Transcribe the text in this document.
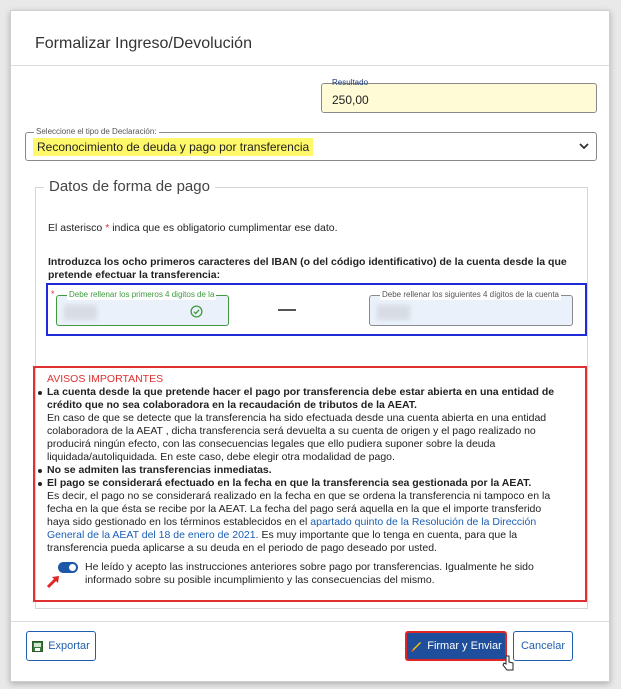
Formalizar Ingreso/Devolución
Resultado
250,00
Seleccione el tipo de Declaración:
Reconocimiento de deuda y pago por transferencia
Datos de forma de pago
El asterisco * indica que es obligatorio cumplimentar ese dato.
Introduzca los ocho primeros caracteres del IBAN (o del código identificativo) de la cuenta desde la que pretende efectuar la transferencia:
* Debe rellenar los primeros 4 digitos de la	Debe rellenar los siguientes 4 dígitos de la cuenta
AVISOS IMPORTANTES
La cuenta desde la que pretende hacer el pago por transferencia debe estar abierta en una entidad de crédito que no sea colaboradora en la recaudación de tributos de la AEAT.
En caso de que se detecte que la transferencia ha sido efectuada desde una cuenta abierta en una entidad colaboradora de la AEAT , dicha transferencia será devuelta a su cuenta de origen y el pago realizado no producirá ningún efecto, con las consecuencias legales que ello pudiera suponer sobre la deuda liquidada/autoliquidada. En este caso, debe elegir otra modalidad de pago.
No se admiten las transferencias inmediatas.
El pago se considerará efectuado en la fecha en que la transferencia sea gestionada por la AEAT.
Es decir, el pago no se considerará realizado en la fecha en que se ordena la transferencia ni tampoco en la fecha en la que ésta se recibe por la AEAT. La fecha del pago será aquella en la que el importe transferido haya sido gestionado en los términos establecidos en el apartado quinto de la Resolución de la Dirección General de la AEAT del 18 de enero de 2021. Es muy importante que lo tenga en cuenta, para que la transferencia pueda aplicarse a su deuda en el periodo de pago deseado por usted.
He leído y acepto las instrucciones anteriores sobre pago por transferencias. Igualmente he sido informado sobre su posible incumplimiento y las consecuencias del mismo.
Exportar	Firmar y Enviar Cancelar
